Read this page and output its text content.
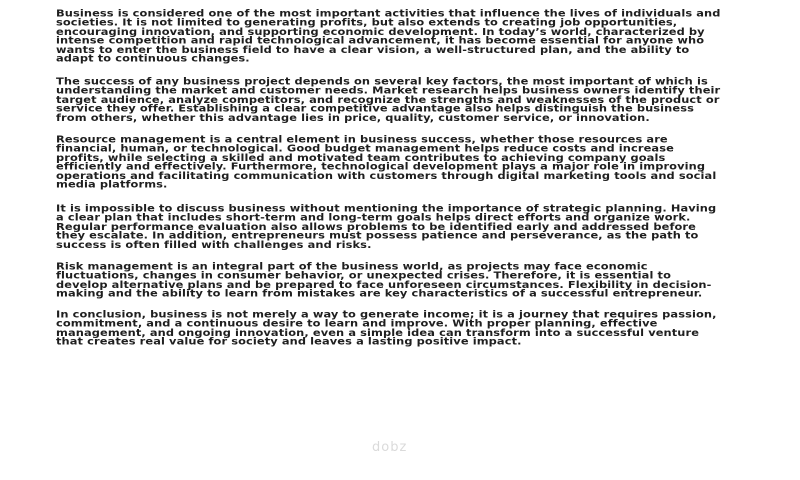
Business is considered one of the most important activities that influence the lives of individuals and societies. It is not limited to generating profits, but also extends to creating job opportunities, encouraging innovation, and supporting economic development. In today’s world, characterized by intense competition and rapid technological advancement, it has become essential for anyone who wants to enter the business field to have a clear vision, a well-structured plan, and the ability to adapt to continuous changes.

The success of any business project depends on several key factors, the most important of which is understanding the market and customer needs. Market research helps business owners identify their target audience, analyze competitors, and recognize the strengths and weaknesses of the product or service they offer. Establishing a clear competitive advantage also helps distinguish the business from others, whether this advantage lies in price, quality, customer service, or innovation.

Resource management is a central element in business success, whether those resources are financial, human, or technological. Good budget management helps reduce costs and increase profits, while selecting a skilled and motivated team contributes to achieving company goals efficiently and effectively. Furthermore, technological development plays a major role in improving operations and facilitating communication with customers through digital marketing tools and social media platforms.

It is impossible to discuss business without mentioning the importance of strategic planning. Having a clear plan that includes short-term and long-term goals helps direct efforts and organize work. Regular performance evaluation also allows problems to be identified early and addressed before they escalate. In addition, entrepreneurs must possess patience and perseverance, as the path to success is often filled with challenges and risks.

Risk management is an integral part of the business world, as projects may face economic fluctuations, changes in consumer behavior, or unexpected crises. Therefore, it is essential to develop alternative plans and be prepared to face unforeseen circumstances. Flexibility in decision-making and the ability to learn from mistakes are key characteristics of a successful entrepreneur.

In conclusion, business is not merely a way to generate income; it is a journey that requires passion, commitment, and a continuous desire to learn and improve. With proper planning, effective management, and ongoing innovation, even a simple idea can transform into a successful venture that creates real value for society and leaves a lasting positive impact.

dobz
